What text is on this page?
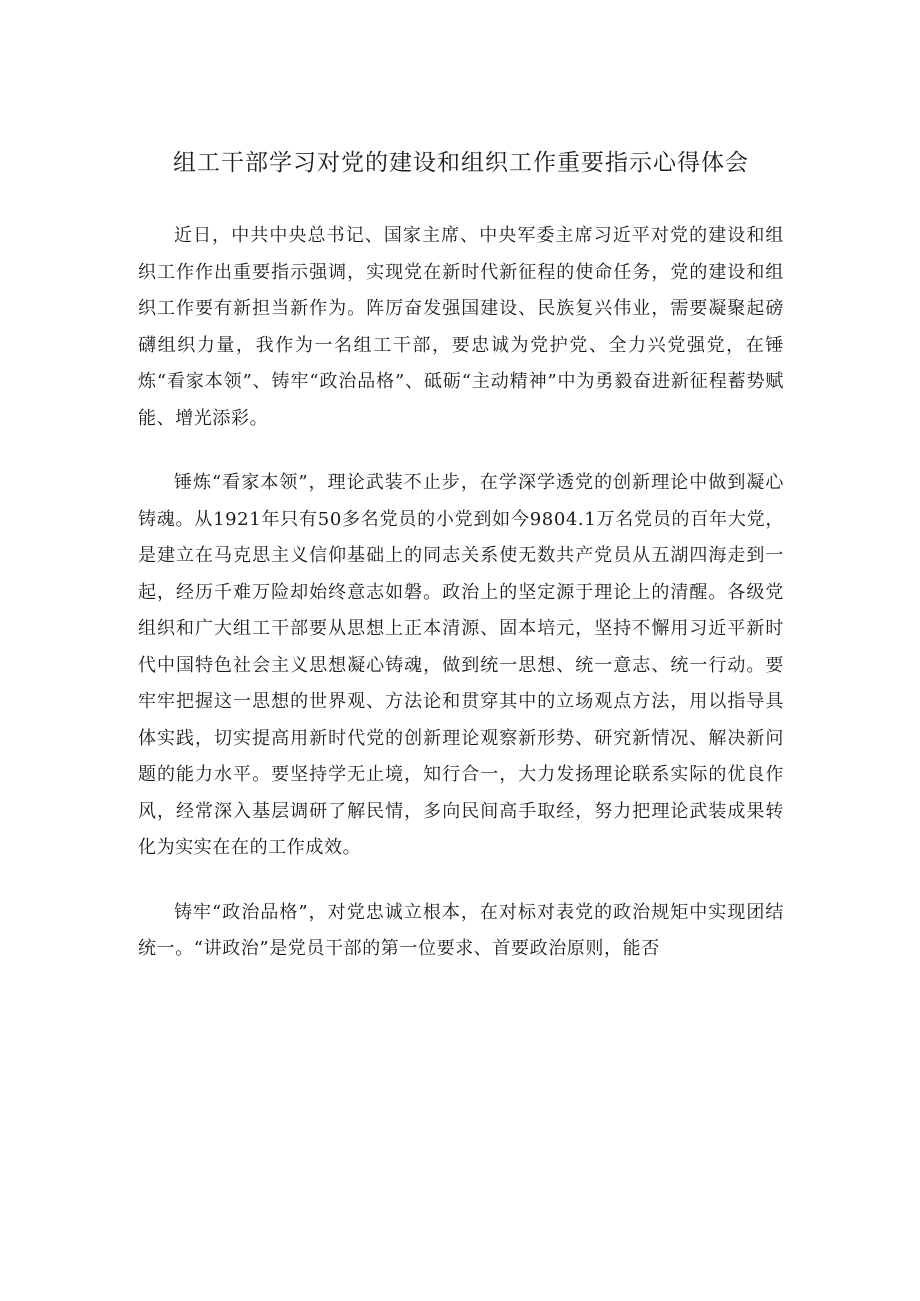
组工干部学习对党的建设和组织工作重要指示心得体会

近日，中共中央总书记、国家主席、中央军委主席习近平对党的建设和组织工作作出重要指示强调，实现党在新时代新征程的使命任务，党的建设和组织工作要有新担当新作为。阵厉奋发强国建设、民族复兴伟业，需要凝聚起磅礴组织力量，我作为一名组工干部，要忠诚为党护党、全力兴党强党，在锤炼“看家本领”、铸牢“政治品格”、砥砺“主动精神”中为勇毅奋进新征程蓄势赋能、增光添彩。

锤炼“看家本领”，理论武装不止步，在学深学透党的创新理论中做到凝心铸魂。从1921年只有50多名党员的小党到如今9804.1万名党员的百年大党，是建立在马克思主义信仰基础上的同志关系使无数共产党员从五湖四海走到一起，经历千难万险却始终意志如磐。政治上的坚定源于理论上的清醒。各级党组织和广大组工干部要从思想上正本清源、固本培元，坚持不懈用习近平新时代中国特色社会主义思想凝心铸魂，做到统一思想、统一意志、统一行动。要牢牢把握这一思想的世界观、方法论和贯穿其中的立场观点方法，用以指导具体实践，切实提高用新时代党的创新理论观察新形势、研究新情况、解决新问题的能力水平。要坚持学无止境，知行合一，大力发扬理论联系实际的优良作风，经常深入基层调研了解民情，多向民间高手取经，努力把理论武装成果转化为实实在在的工作成效。

铸牢“政治品格”，对党忠诚立根本，在对标对表党的政治规矩中实现团结统一。“讲政治”是党员干部的第一位要求、首要政治原则，能否
